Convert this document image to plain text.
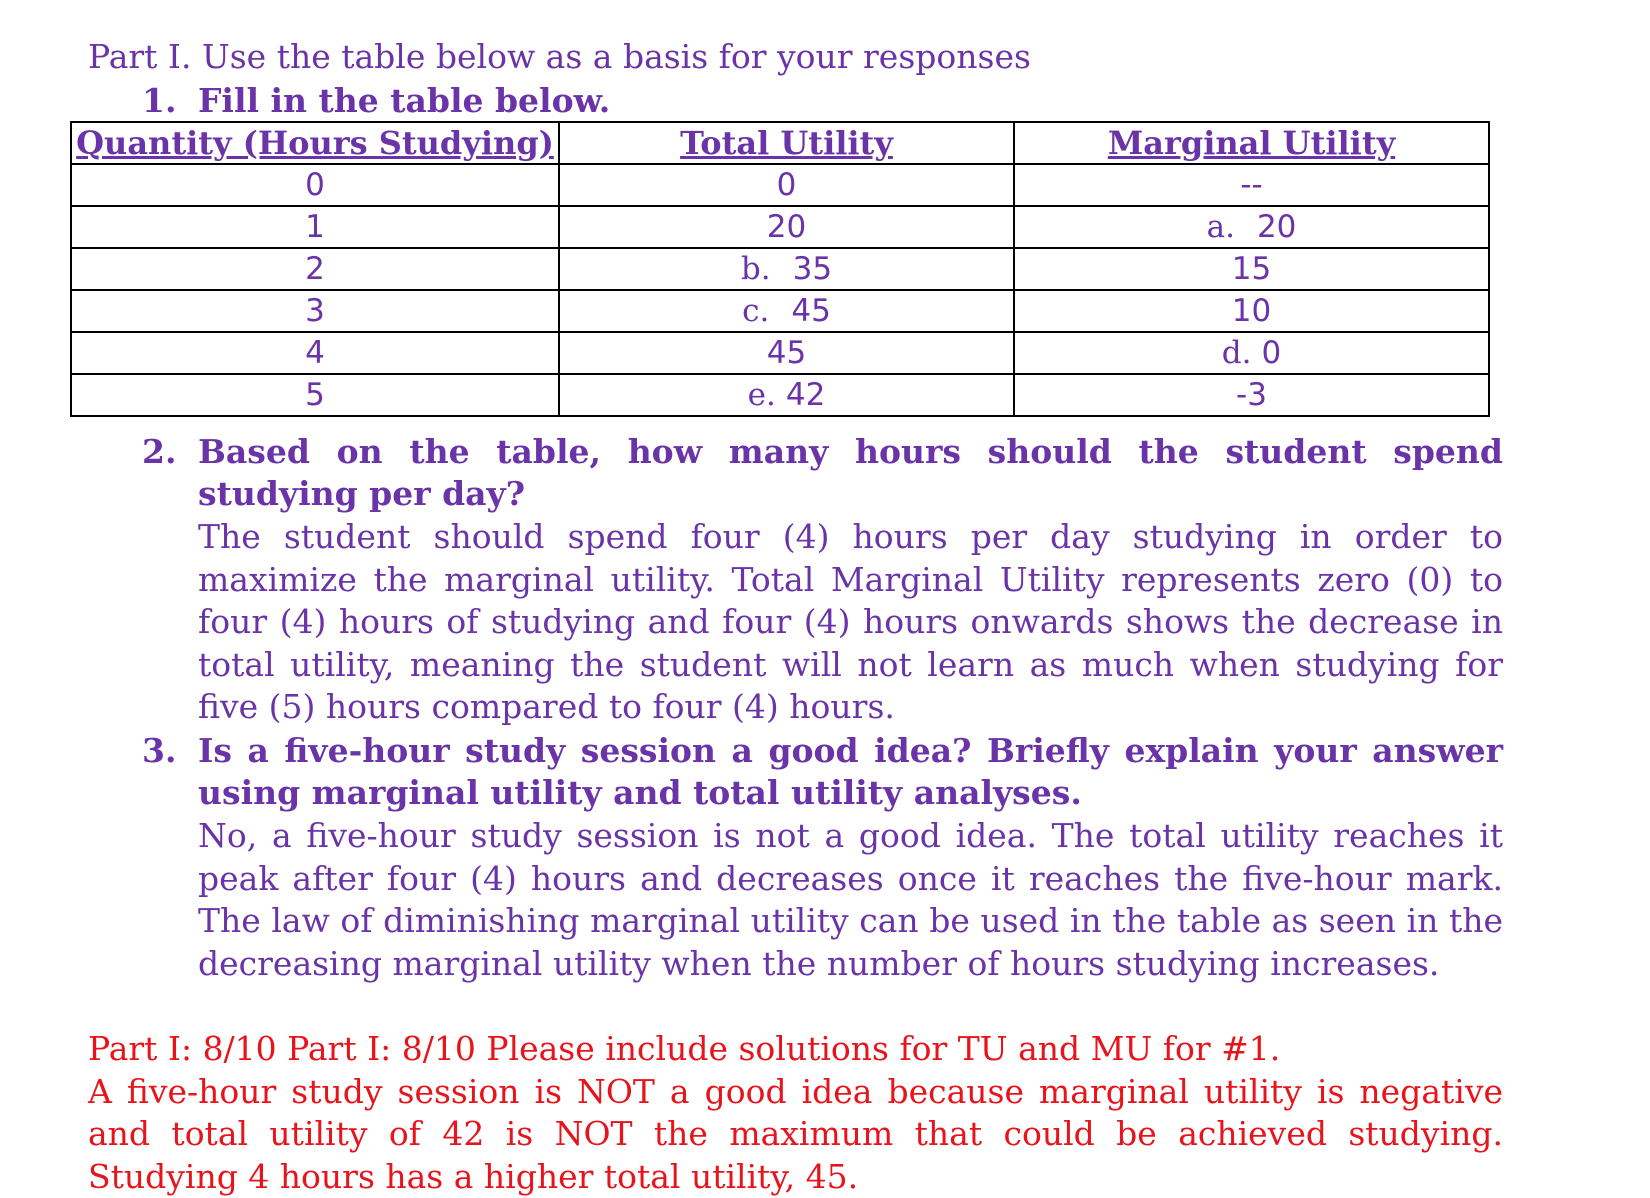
Part I. Use the table below as a basis for your responses
1. Fill in the table below.
Quantity (Hours Studying)	Total Utility	Marginal Utility
0	0	--
1	20	a. 20
2	b. 35	15
3	c. 45	10
4	45	d. 0
5	e. 42	-3
2. Based on the table, how many hours should the student spend studying per day?
The student should spend four (4) hours per day studying in order to maximize the marginal utility. Total Marginal Utility represents zero (0) to four (4) hours of studying and four (4) hours onwards shows the decrease in total utility, meaning the student will not learn as much when studying for five (5) hours compared to four (4) hours.
3. Is a five-hour study session a good idea? Briefly explain your answer using marginal utility and total utility analyses.
No, a five-hour study session is not a good idea. The total utility reaches it peak after four (4) hours and decreases once it reaches the five-hour mark. The law of diminishing marginal utility can be used in the table as seen in the decreasing marginal utility when the number of hours studying increases.

Part I: 8/10 Part I: 8/10 Please include solutions for TU and MU for #1.

A five-hour study session is NOT a good idea because marginal utility is negative and total utility of 42 is NOT the maximum that could be achieved studying. Studying 4 hours has a higher total utility, 45.
